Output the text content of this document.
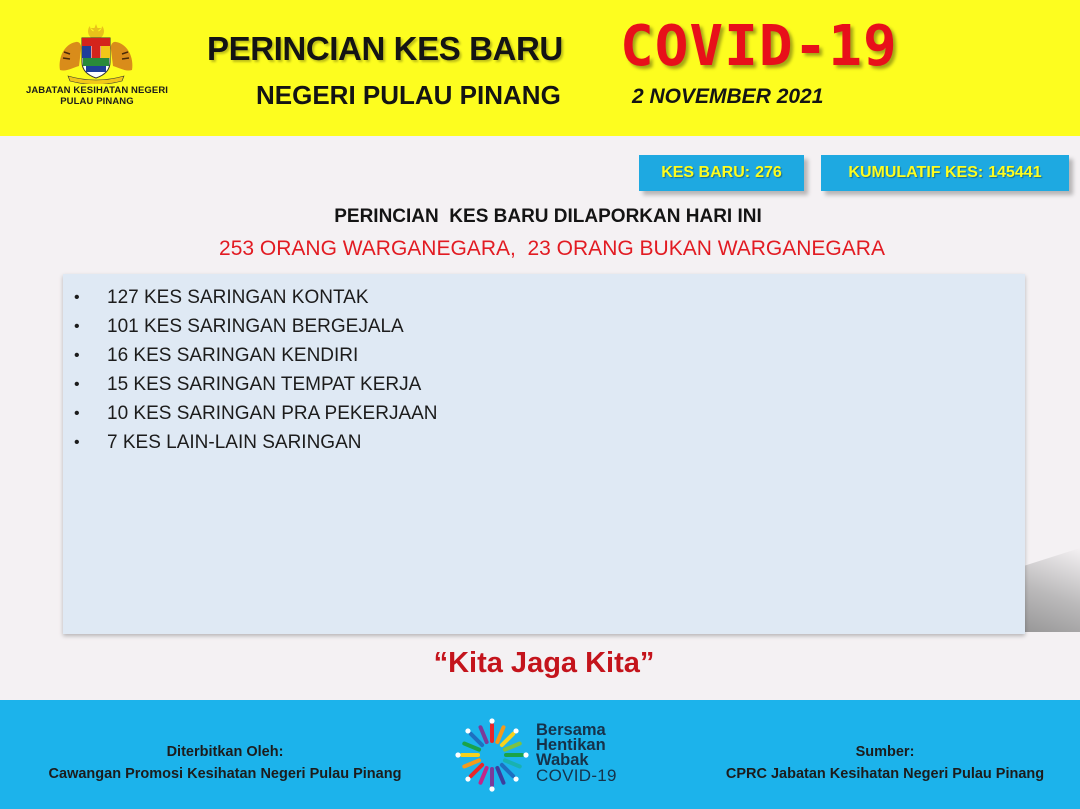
JABATAN KESIHATAN NEGERI
PULAU PINANG
PERINCIAN KES BARU COVID-19
NEGERI PULAU PINANG	2 NOVEMBER 2021
KES BARU: 276	KUMULATIF KES: 145441
PERINCIAN  KES BARU DILAPORKAN HARI INI
253 ORANG WARGANEGARA,  23 ORANG BUKAN WARGANEGARA
•	127 KES SARINGAN KONTAK
•	101 KES SARINGAN BERGEJALA
•	16 KES SARINGAN KENDIRI
•	15 KES SARINGAN TEMPAT KERJA
•	10 KES SARINGAN PRA PEKERJAAN
•	7 KES LAIN-LAIN SARINGAN
“Kita Jaga Kita”
Diterbitkan Oleh:
Cawangan Promosi Kesihatan Negeri Pulau Pinang
Bersama
Hentikan
Wabak
COVID-19
Sumber:
CPRC Jabatan Kesihatan Negeri Pulau Pinang
